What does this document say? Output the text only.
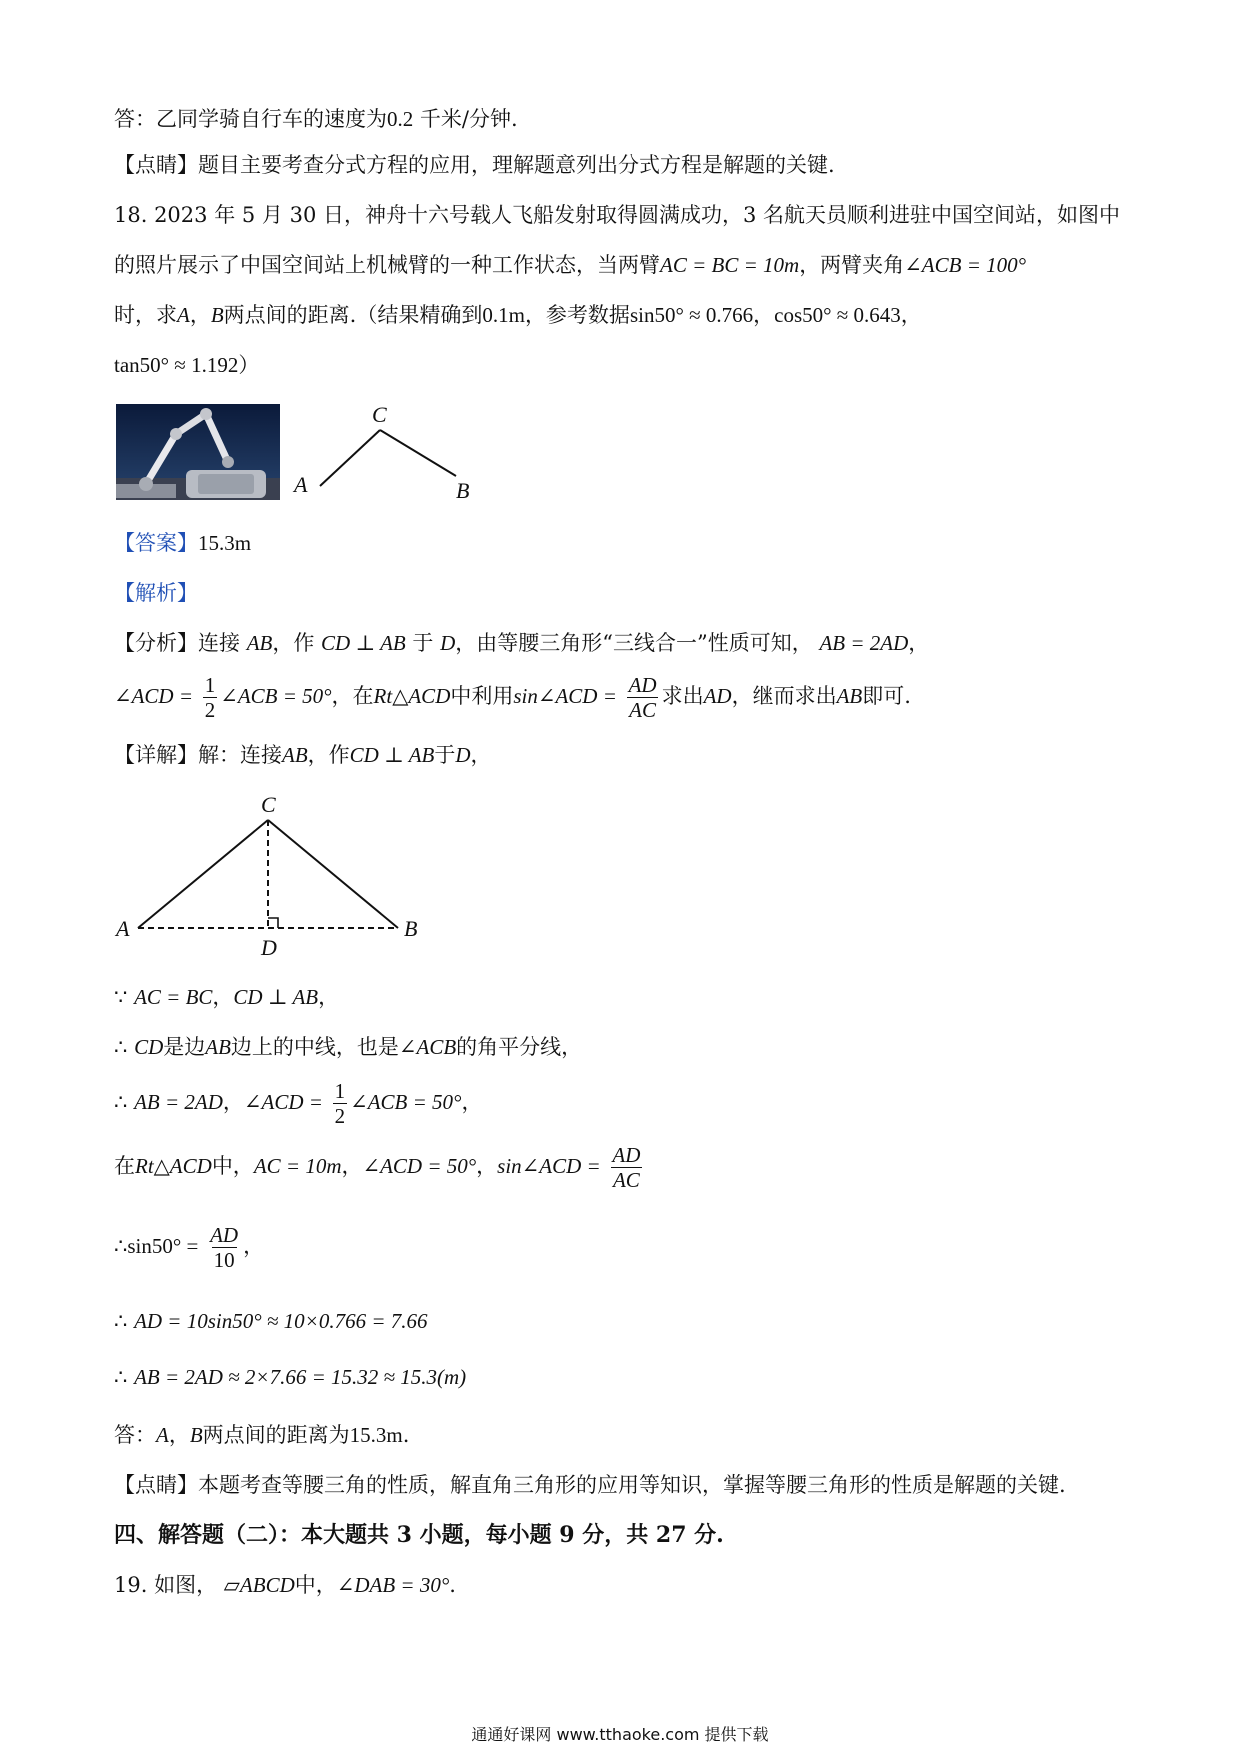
答：乙同学骑自行车的速度为0.2 千米/分钟.
【点睛】题目主要考查分式方程的应用，理解题意列出分式方程是解题的关键.
18. 2023 年 5 月 30 日，神舟十六号载人飞船发射取得圆满成功，3 名航天员顺利进驻中国空间站，如图中
的照片展示了中国空间站上机械臂的一种工作状态，当两臂AC = BC = 10m，两臂夹角∠ACB = 100°
时，求A，B两点间的距离.（结果精确到0.1m，参考数据sin50° ≈ 0.766，cos50° ≈ 0.643，
tan50° ≈ 1.192）
C
A	B
【答案】15.3m
【解析】
【分析】连接 AB，作 CD ⊥ AB 于 D，由等腰三角形“三线合一”性质可知， AB = 2AD，
∠ACD = $\frac{1}{2}$ ∠ACB = 50°，在Rt△ACD中利用sin∠ACD = $\frac{AD}{AC}$ 求出AD，继而求出AB即可.
【详解】解：连接AB，作CD ⊥ AB于D，
C
A	B
D
∵ AC = BC，CD ⊥ AB，
∴ CD是边AB边上的中线，也是∠ACB的角平分线，
∴ AB = 2AD，∠ACD = $\frac{1}{2}$ ∠ACB = 50°，
在Rt△ACD中，AC = 10m，∠ACD = 50°，sin∠ACD = $\frac{AD}{AC}$
∴sin50° = $\frac{AD}{10}$ ，
∴ AD = 10sin50° ≈ 10×0.766 = 7.66
∴ AB = 2AD ≈ 2×7.66 = 15.32 ≈ 15.3(m)
答：A，B两点间的距离为15.3m.
【点睛】本题考查等腰三角的性质，解直角三角形的应用等知识，掌握等腰三角形的性质是解题的关键.
四、解答题（二）：本大题共 3 小题，每小题 9 分，共 27 分.
19. 如图， ▱ABCD中，∠DAB = 30°.
通通好课网 www.tthaoke.com 提供下载
